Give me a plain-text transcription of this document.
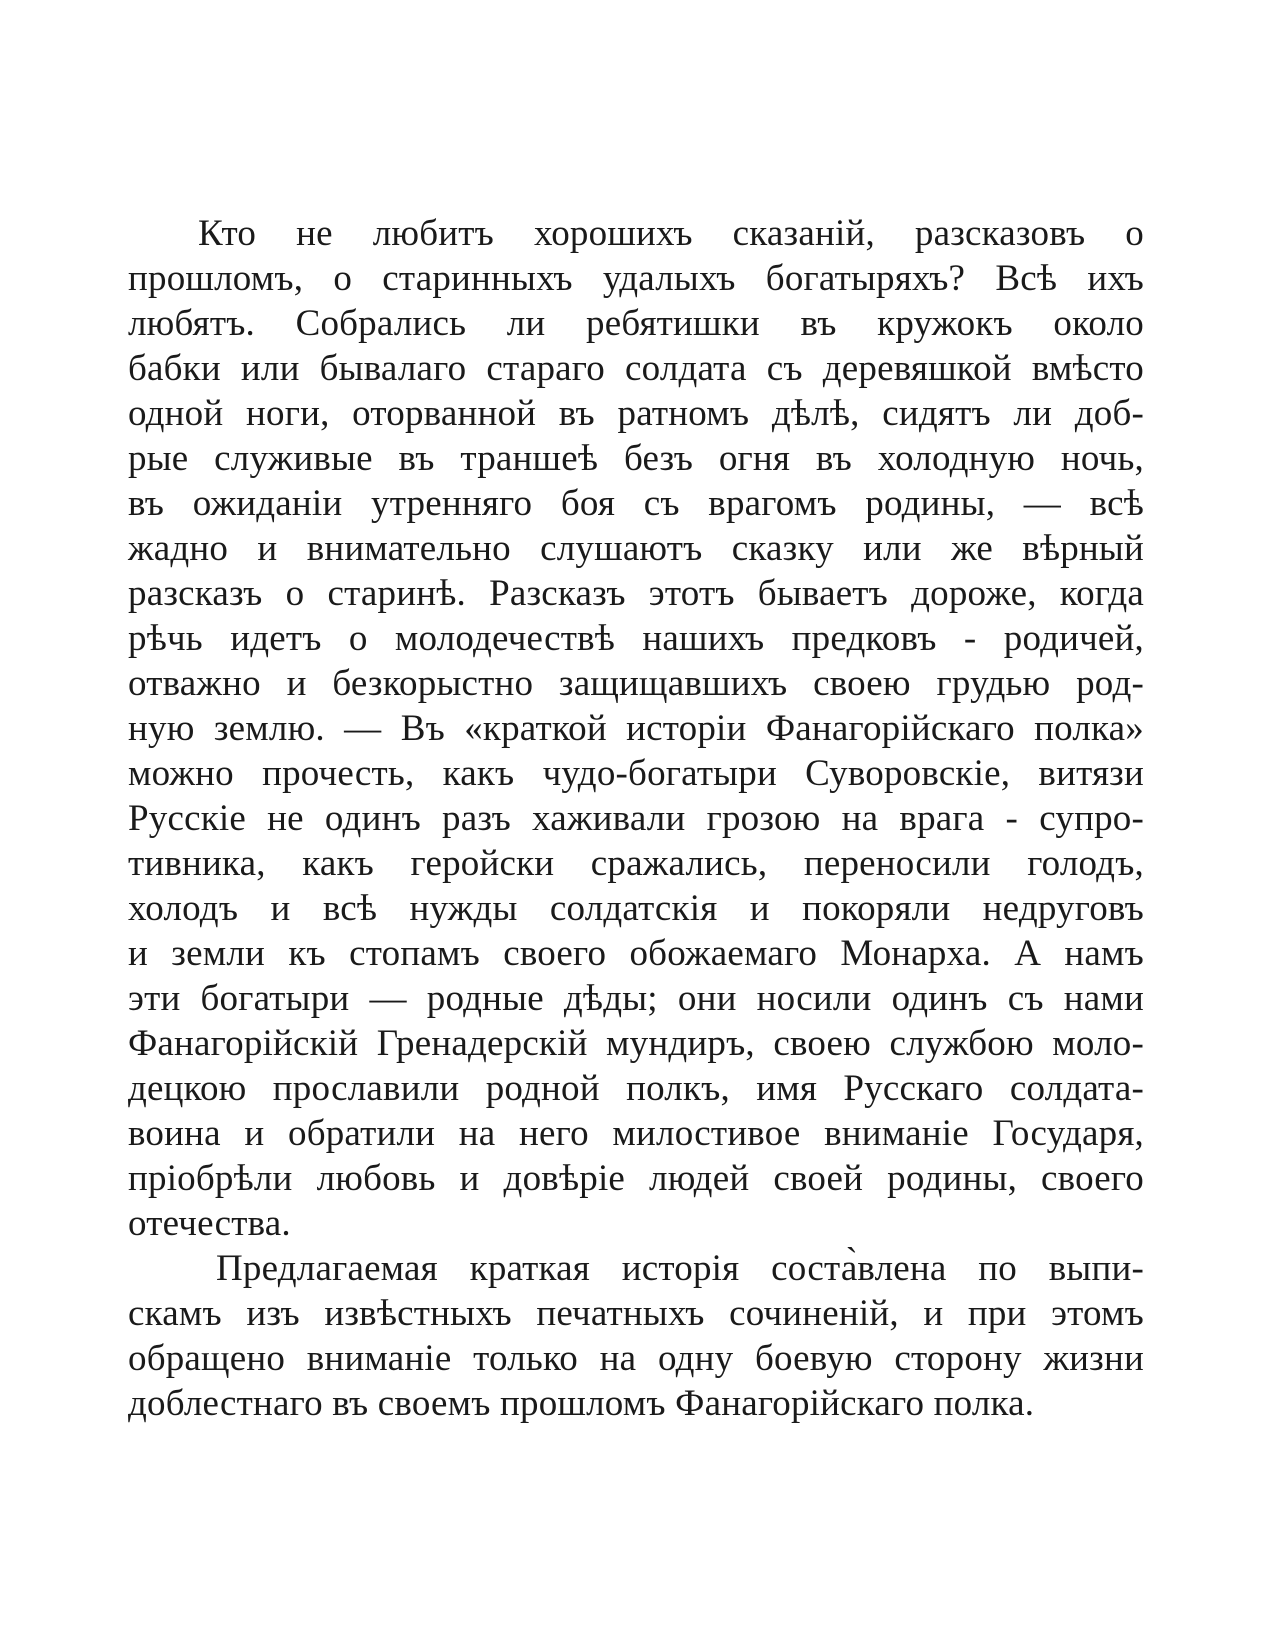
Кто не любитъ хорошихъ сказаній, разсказовъ о
прошломъ, о старинныхъ удалыхъ богатыряхъ? Всѣ ихъ
любятъ. Собрались ли ребятишки въ кружокъ около
бабки или бывалаго стараго солдата съ деревяшкой вмѣсто
одной ноги, оторванной въ ратномъ дѣлѣ, сидятъ ли доб-
рые служивые въ траншеѣ безъ огня въ холодную ночь,
въ ожиданіи утренняго боя съ врагомъ родины, — всѣ
жадно и внимательно слушаютъ сказку или же вѣрный
разсказъ о старинѣ. Разсказъ этотъ бываетъ дороже, когда
рѣчь идетъ о молодечествѣ нашихъ предковъ - родичей,
отважно и безкорыстно защищавшихъ своею грудью род-
ную землю. — Въ «краткой исторіи Фанагорійскаго полка»
можно прочесть, какъ чудо-богатыри Суворовскіе, витязи
Русскіе не одинъ разъ хаживали грозою на врага - супро-
тивника, какъ геройски сражались, переносили голодъ,
холодъ и всѣ нужды солдатскія и покоряли недруговъ
и земли къ стопамъ своего обожаемаго Монарха. А намъ
эти богатыри — родные дѣды; они носили одинъ съ нами
Фанагорійскій Гренадерскій мундиръ, своею службою моло-
децкою прославили родной полкъ, имя Русскаго солдата-
воина и обратили на него милостивое вниманіе Государя,
пріобрѣли любовь и довѣріе людей своей родины, своего
отечества.
Предлагаемая краткая исторія соста̀влена по выпи-
скамъ изъ извѣстныхъ печатныхъ сочиненій, и при этомъ
обращено вниманіе только на одну боевую сторону жизни
доблестнаго въ своемъ прошломъ Фанагорійскаго полка.
